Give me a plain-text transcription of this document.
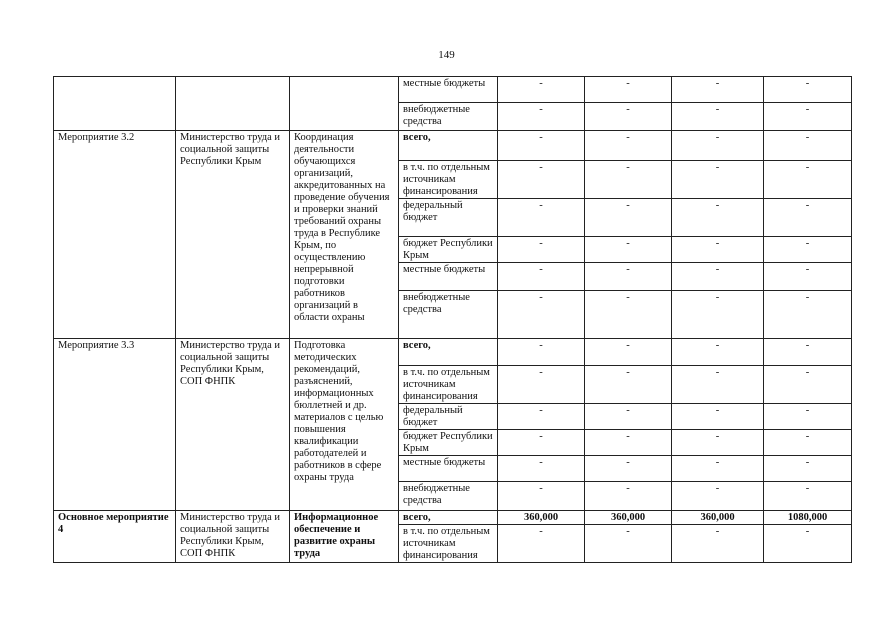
149
			местные бюджеты	-	-	-	-
			внебюджетные средства	-	-	-	-
Мероприятие 3.2	Министерство труда и социальной защиты Республики Крым	Координация деятельности обучающихся организаций, аккредитованных на проведение обучения и проверки знаний требований охраны труда в Республике Крым, по осуществлению непрерывной подготовки работников организаций в области охраны	всего,	-	-	-	-
			в т.ч. по отдельным источникам финансирования	-	-	-	-
			федеральный бюджет	-	-	-	-
			бюджет Республики Крым	-	-	-	-
			местные бюджеты	-	-	-	-
			внебюджетные средства	-	-	-	-
Мероприятие 3.3	Министерство труда и социальной защиты Республики Крым, СОП ФНПК	Подготовка методических рекомендаций, разъяснений, информационных бюллетней и др. материалов с целью повышения квалификации работодателей и работников в сфере охраны труда	всего,	-	-	-	-
			в т.ч. по отдельным источникам финансирования	-	-	-	-
			федеральный бюджет	-	-	-	-
			бюджет Республики Крым	-	-	-	-
			местные бюджеты	-	-	-	-
			внебюджетные средства	-	-	-	-
Основное мероприятие 4	Министерство труда и социальной защиты Республики Крым, СОП ФНПК	Информационное обеспечение и развитие охраны труда	всего,	360,000	360,000	360,000	1080,000
			в т.ч. по отдельным источникам финансирования	-	-	-	-
